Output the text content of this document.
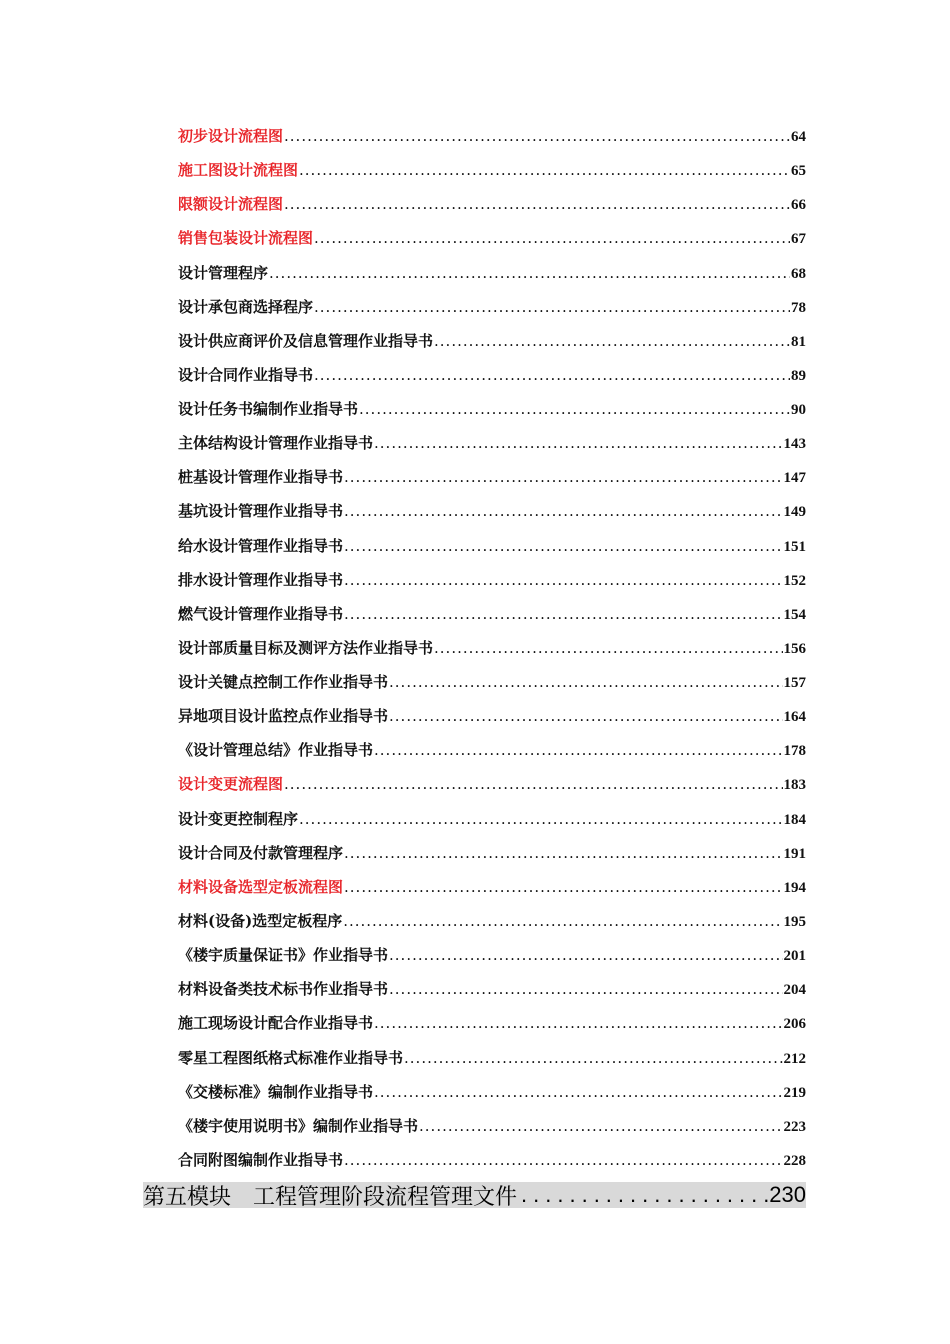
初步设计流程图 .....	64
施工图设计流程图 .....	65
限额设计流程图 .....	66
销售包装设计流程图 .....	67
设计管理程序 .....	68
设计承包商选择程序 .....	78
设计供应商评价及信息管理作业指导书 .....	81
设计合同作业指导书 .....	89
设计任务书编制作业指导书 .....	90
主体结构设计管理作业指导书 .....	143
桩基设计管理作业指导书 .....	147
基坑设计管理作业指导书 .....	149
给水设计管理作业指导书 .....	151
排水设计管理作业指导书 .....	152
燃气设计管理作业指导书 .....	154
设计部质量目标及测评方法作业指导书 .....	156
设计关键点控制工作作业指导书 .....	157
异地项目设计监控点作业指导书 .....	164
《设计管理总结》作业指导书 .....	178
设计变更流程图 .....	183
设计变更控制程序 .....	184
设计合同及付款管理程序 .....	191
材料设备选型定板流程图 .....	194
材料(设备)选型定板程序 .....	195
《楼宇质量保证书》作业指导书 .....	201
材料设备类技术标书作业指导书 .....	204
施工现场设计配合作业指导书 .....	206
零星工程图纸格式标准作业指导书 .....	212
《交楼标准》编制作业指导书 .....	219
《楼宇使用说明书》编制作业指导书 .....	223
合同附图编制作业指导书 .....	228
第五模块　工程管理阶段流程管理文件 .....	230
